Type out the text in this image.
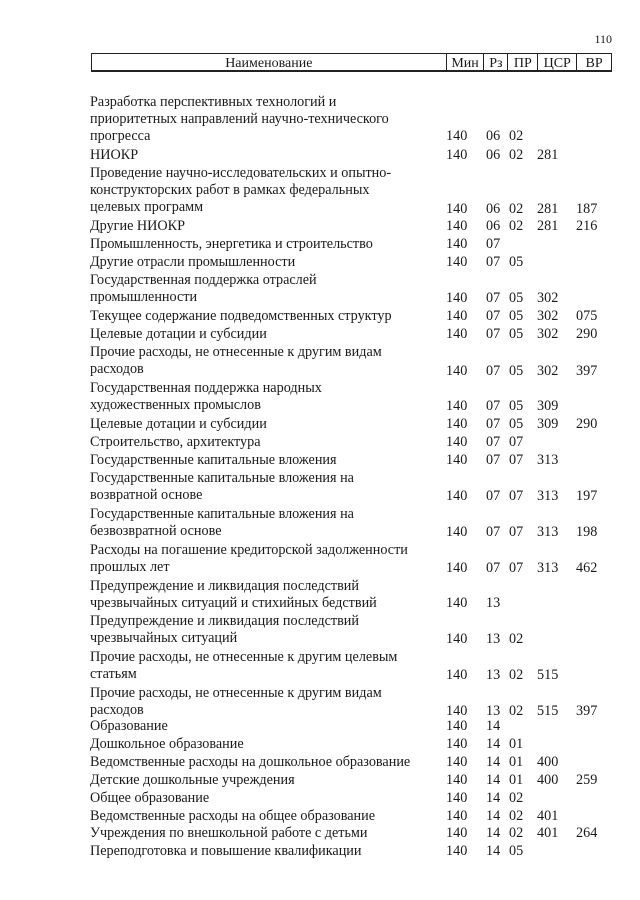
110
Наименование	Мин Рз ПР ЦСР	ВР
Разработка перспективных технологий и
приоритетных направлений научно-технического
прогресса	140 06 02
НИОКР	140 06 02 281
Проведение научно-исследовательских и опытно-
конструкторских работ в рамках федеральных
целевых программ	140 06 02 281 187
Другие НИОКР	140 06 02 281 216
Промышленность, энергетика и строительство	140 07
Другие отрасли промышленности	140 07 05
Государственная поддержка отраслей
промышленности	140 07 05 302
Текущее содержание подведомственных структур	140 07 05 302 075
Целевые дотации и субсидии	140 07 05 302 290
Прочие расходы, не отнесенные к другим видам
расходов	140 07 05 302 397
Государственная поддержка народных
художественных промыслов	140 07 05 309
Целевые дотации и субсидии	140 07 05 309 290
Строительство, архитектура	140 07 07
Государственные капитальные вложения	140 07 07 313
Государственные капитальные вложения на
возвратной основе	140 07 07 313 197
Государственные капитальные вложения на
безвозвратной основе	140 07 07 313 198
Расходы на погашение кредиторской задолженности
прошлых лет	140 07 07 313 462
Предупреждение и ликвидация последствий
чрезвычайных ситуаций и стихийных бедствий	140 13
Предупреждение и ликвидация последствий
чрезвычайных ситуаций	140 13 02
Прочие расходы, не отнесенные к другим целевым
статьям	140 13 02 515
Прочие расходы, не отнесенные к другим видам
расходов	140 13 02 515 397
Образование	140 14
Дошкольное образование	140 14 01
Ведомственные расходы на дошкольное образование	140 14 01 400
Детские дошкольные учреждения	140 14 01 400 259
Общее образование	140 14 02
Ведомственные расходы на общее образование	140 14 02 401
Учреждения по внешкольной работе с детьми	140 14 02 401 264
Переподготовка и повышение квалификации	140 14 05
